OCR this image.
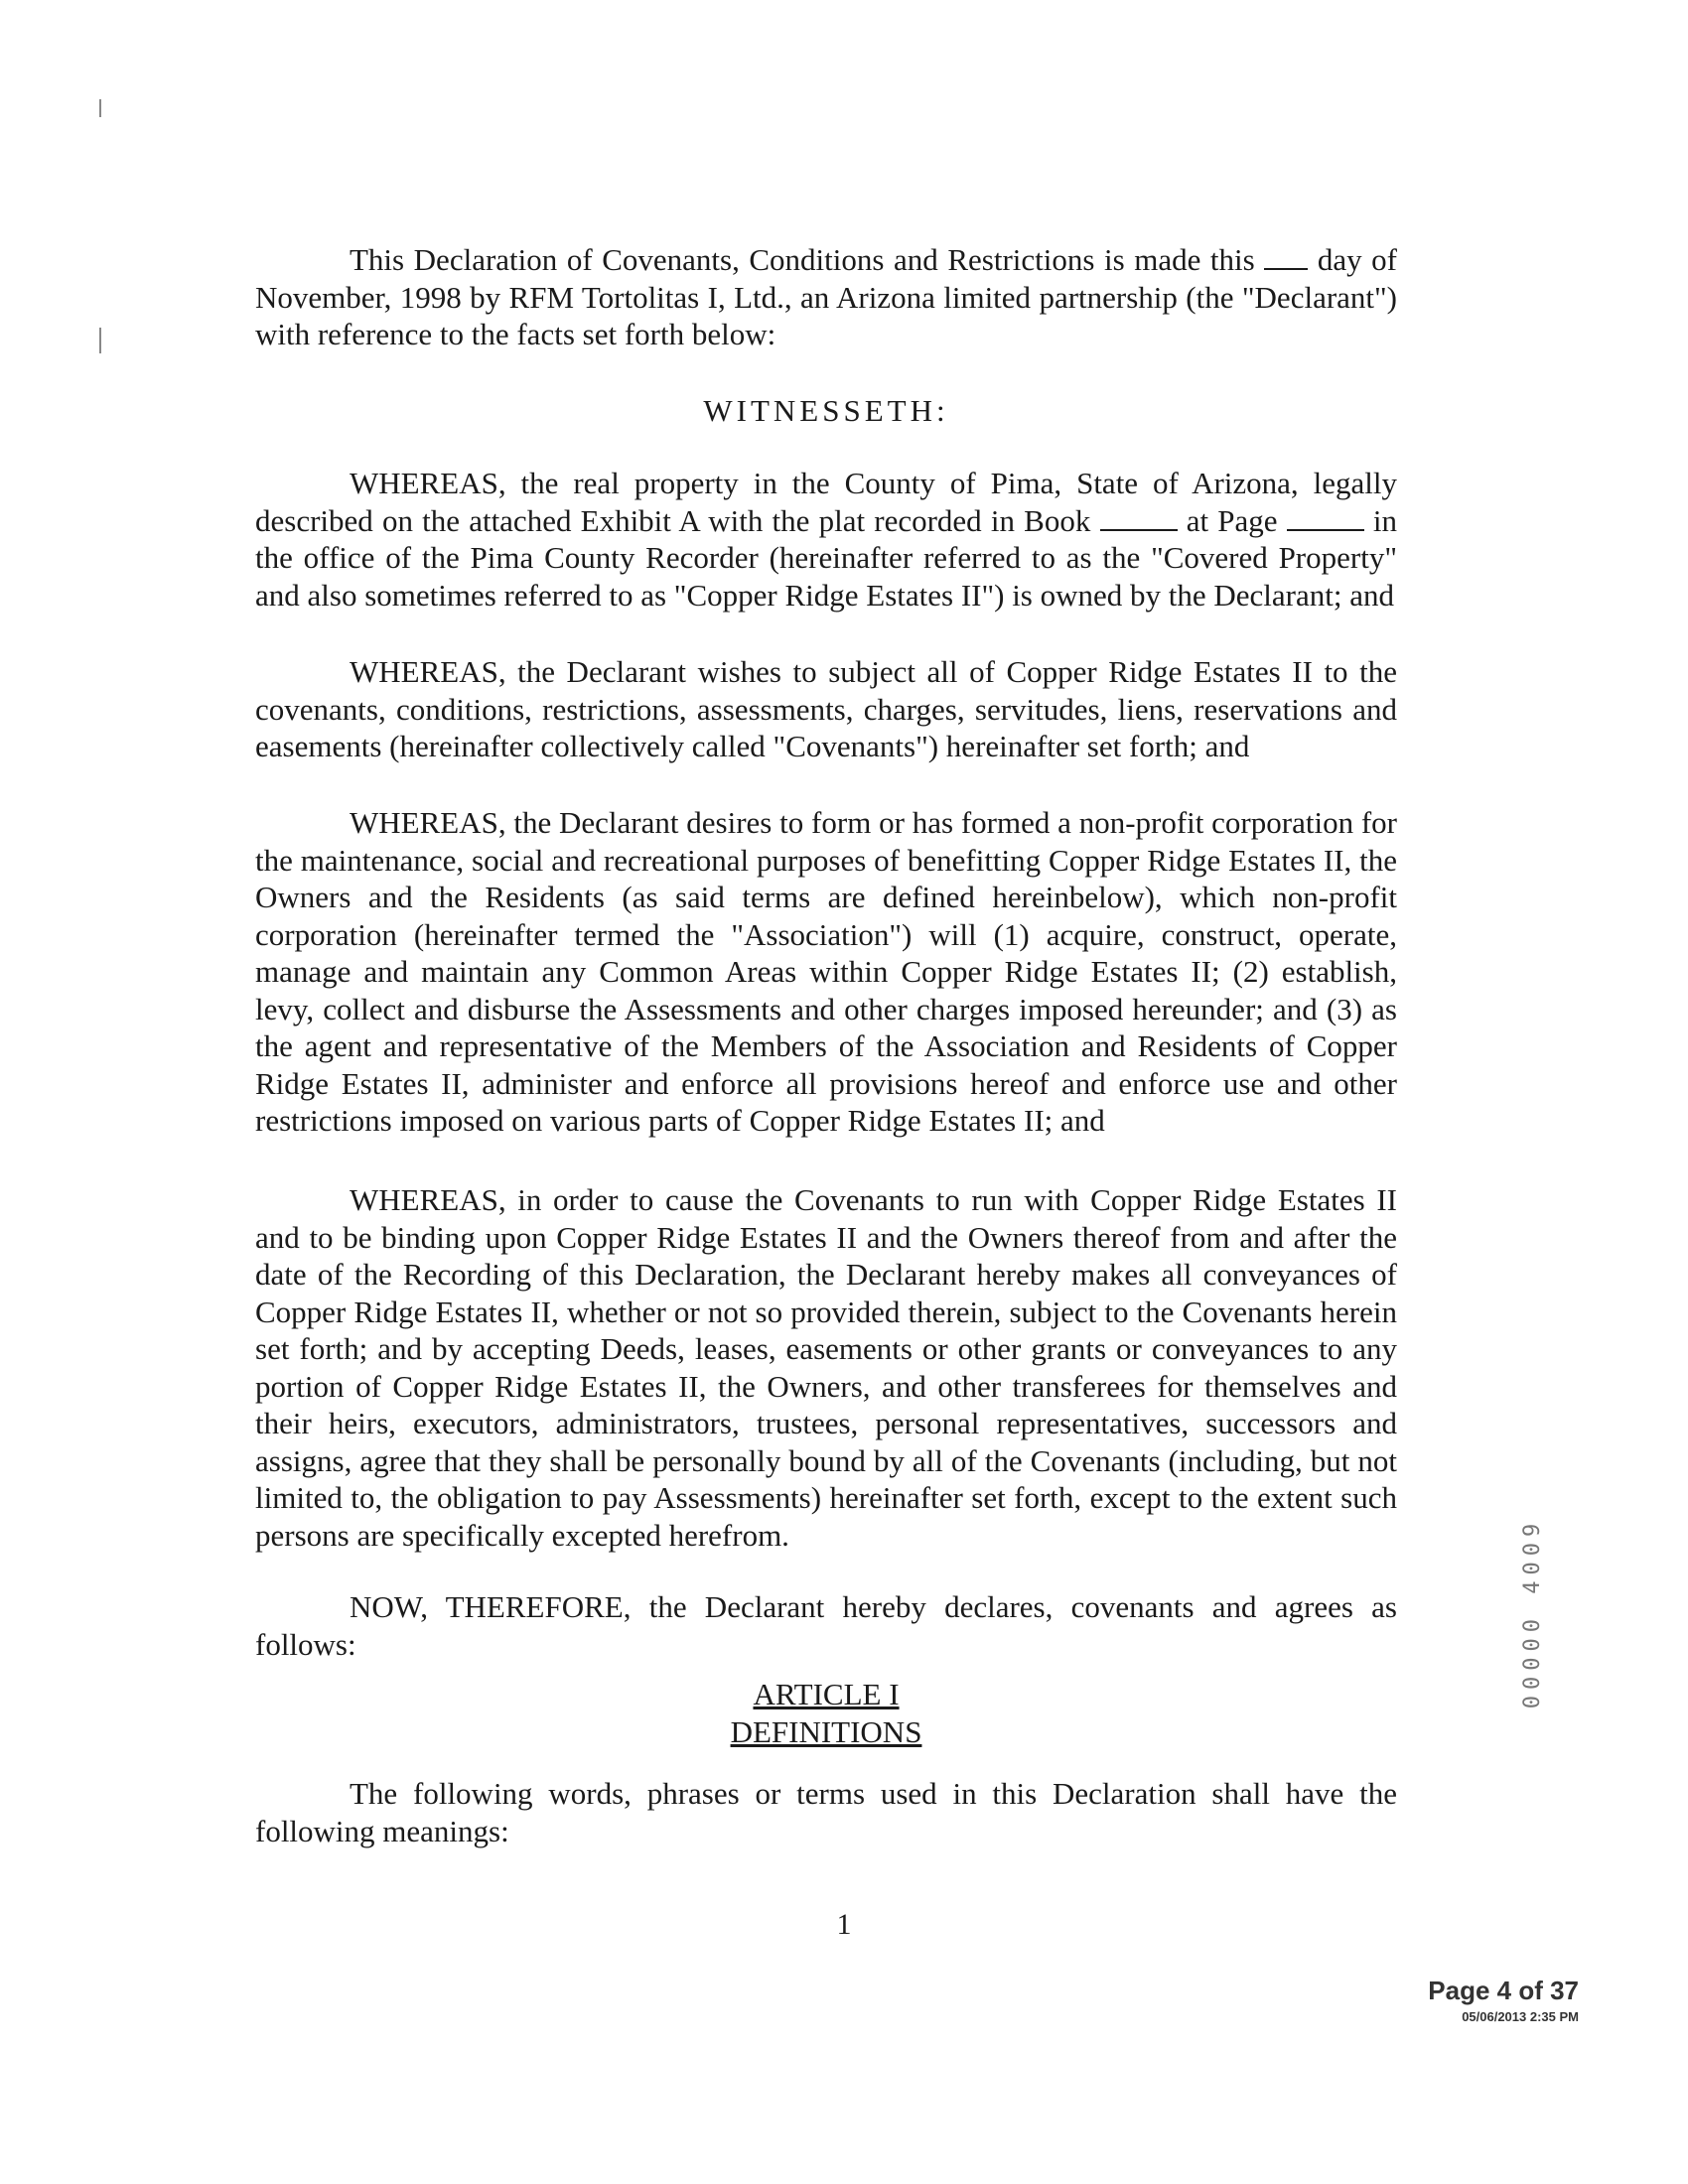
This Declaration of Covenants, Conditions and Restrictions is made this  day of November, 1998 by RFM Tortolitas I, Ltd., an Arizona limited partnership (the "Declarant") with reference to the facts set forth below:

WITNESSETH:

WHEREAS, the real property in the County of Pima, State of Arizona, legally described on the attached Exhibit A with the plat recorded in Book	at Page	in the office of the Pima County Recorder (hereinafter referred to as the "Covered Property" and also sometimes referred to as "Copper Ridge Estates II") is owned by the Declarant; and

WHEREAS, the Declarant wishes to subject all of Copper Ridge Estates II to the covenants, conditions, restrictions, assessments, charges, servitudes, liens, reservations and easements (hereinafter collectively called "Covenants") hereinafter set forth; and

WHEREAS, the Declarant desires to form or has formed a non-profit corporation for the maintenance, social and recreational purposes of benefitting Copper Ridge Estates II, the Owners and the Residents (as said terms are defined hereinbelow), which non-profit corporation (hereinafter termed the "Association") will (1) acquire, construct, operate, manage and maintain any Common Areas within Copper Ridge Estates II; (2) establish, levy, collect and disburse the Assessments and other charges imposed hereunder; and (3) as the agent and representative of the Members of the Association and Residents of Copper Ridge Estates II, administer and enforce all provisions hereof and enforce use and other restrictions imposed on various parts of Copper Ridge Estates II; and

WHEREAS, in order to cause the Covenants to run with Copper Ridge Estates II and to be binding upon Copper Ridge Estates II and the Owners thereof from and after the date of the Recording of this Declaration, the Declarant hereby makes all conveyances of Copper Ridge Estates II, whether or not so provided therein, subject to the Covenants herein set forth; and by accepting Deeds, leases, easements or other grants or conveyances to any portion of Copper Ridge Estates II, the Owners, and other transferees for themselves and their heirs, executors, administrators, trustees, personal representatives, successors and assigns, agree that they shall be personally bound by all of the Covenants (including, but not limited to, the obligation to pay Assessments) hereinafter set forth, except to the extent such persons are specifically excepted herefrom.

NOW, THEREFORE, the Declarant hereby declares, covenants and agrees as follows:

ARTICLE I
DEFINITIONS

The following words, phrases or terms used in this Declaration shall have the following meanings:

1
00000 4009
Page 4 of 37
05/06/2013 2:35 PM
